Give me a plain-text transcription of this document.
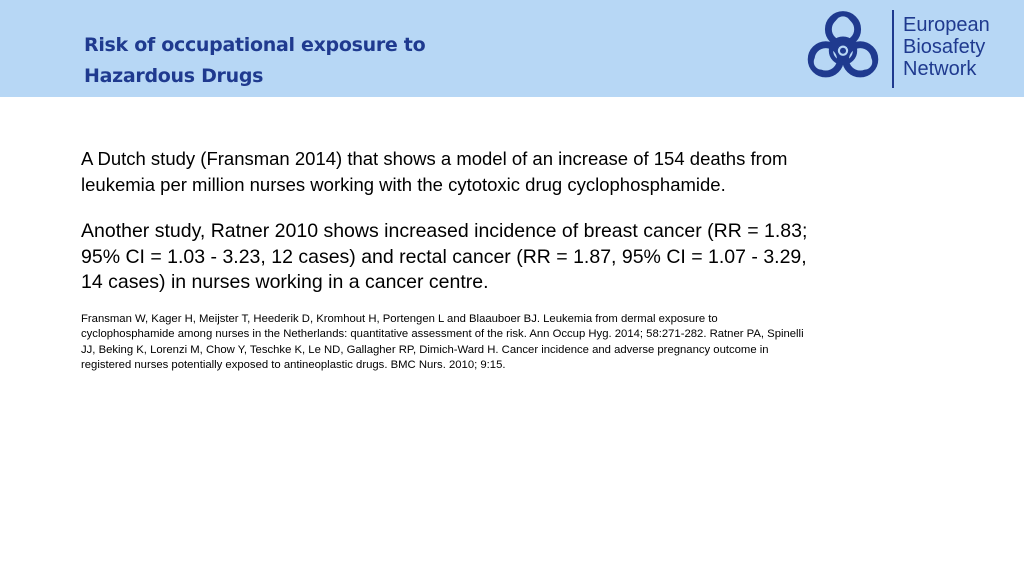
Risk of occupational exposure to
Hazardous Drugs
European
Biosafety
Network

A Dutch study (Fransman 2014) that shows a model of an increase of 154 deaths from leukemia per million nurses working with the cytotoxic drug cyclophosphamide.

Another study, Ratner 2010 shows increased incidence of breast cancer (RR = 1.83; 95% CI = 1.03 - 3.23, 12 cases) and rectal cancer (RR = 1.87, 95% CI = 1.07 - 3.29, 14 cases) in nurses working in a cancer centre.

Fransman W, Kager H, Meijster T, Heederik D, Kromhout H, Portengen L and Blaauboer BJ. Leukemia from dermal exposure to cyclophosphamide among nurses in the Netherlands: quantitative assessment of the risk. Ann Occup Hyg. 2014; 58:271-282. Ratner PA, Spinelli JJ, Beking K, Lorenzi M, Chow Y, Teschke K, Le ND, Gallagher RP, Dimich-Ward H. Cancer incidence and adverse pregnancy outcome in registered nurses potentially exposed to antineoplastic drugs. BMC Nurs. 2010; 9:15.
